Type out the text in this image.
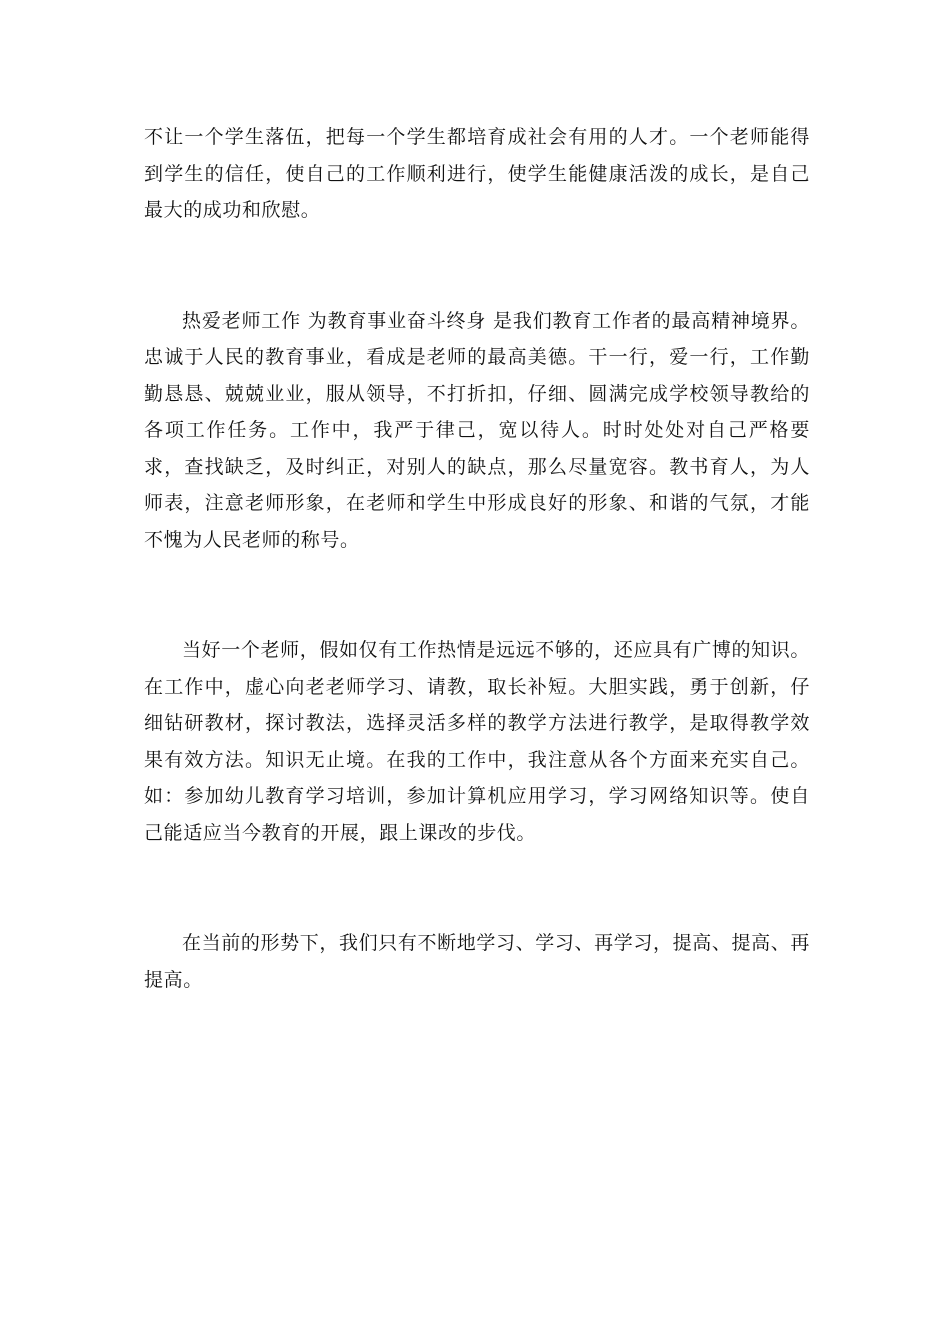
不让一个学生落伍，把每一个学生都培育成社会有用的人才。一个老师能得到学生的信任，使自己的工作顺利进行，使学生能健康活泼的成长，是自己最大的成功和欣慰。

热爱老师工作 为教育事业奋斗终身 是我们教育工作者的最高精神境界。忠诚于人民的教育事业，看成是老师的最高美德。干一行，爱一行，工作勤勤恳恳、兢兢业业，服从领导，不打折扣，仔细、圆满完成学校领导教给的各项工作任务。工作中，我严于律己，宽以待人。时时处处对自己严格要求，查找缺乏，及时纠正，对别人的缺点，那么尽量宽容。教书育人，为人师表，注意老师形象，在老师和学生中形成良好的形象、和谐的气氛，才能不愧为人民老师的称号。

当好一个老师，假如仅有工作热情是远远不够的，还应具有广博的知识。在工作中，虚心向老老师学习、请教，取长补短。大胆实践，勇于创新，仔细钻研教材，探讨教法，选择灵活多样的教学方法进行教学，是取得教学效果有效方法。知识无止境。在我的工作中，我注意从各个方面来充实自己。如：参加幼儿教育学习培训，参加计算机应用学习，学习网络知识等。使自己能适应当今教育的开展，跟上课改的步伐。

在当前的形势下，我们只有不断地学习、学习、再学习，提高、提高、再提高。
